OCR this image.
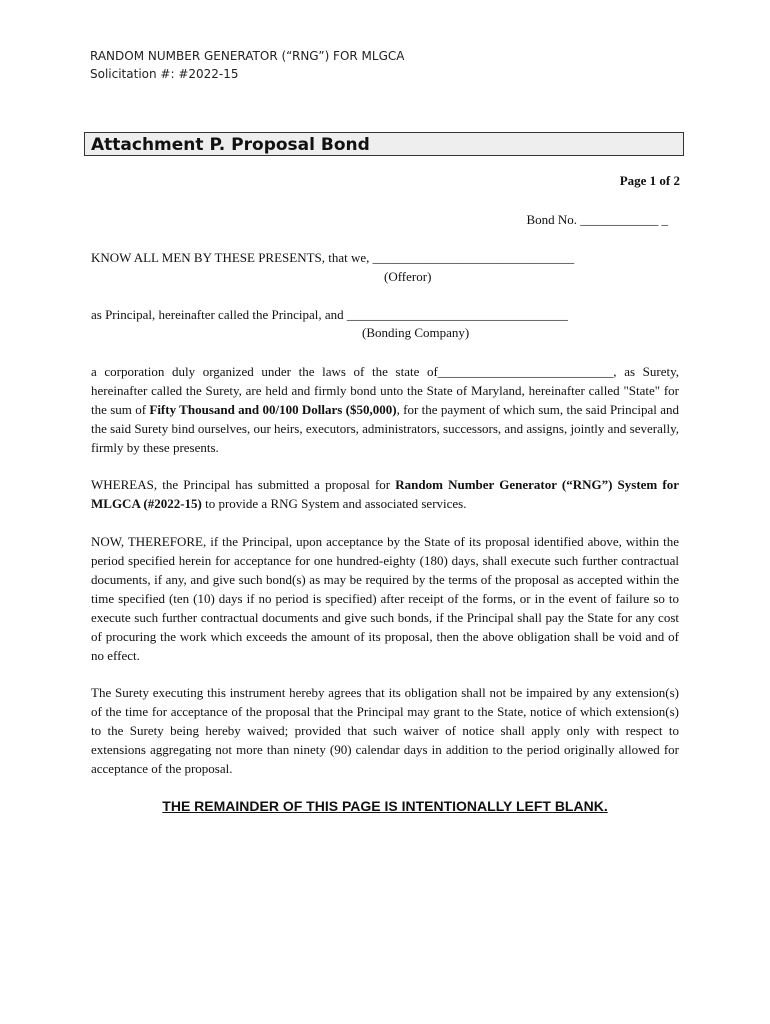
RANDOM NUMBER GENERATOR (“RNG”) FOR MLGCA
Solicitation #: #2022-15
Attachment P. Proposal Bond
Page 1 of 2
Bond No. ____________ _
KNOW ALL MEN BY THESE PRESENTS, that we, _______________________________
(Offeror)
as Principal, hereinafter called the Principal, and __________________________________
(Bonding Company)
a corporation duly organized under the laws of the state of___________________________, as Surety, hereinafter called the Surety, are held and firmly bond unto the State of Maryland, hereinafter called "State" for the sum of Fifty Thousand and 00/100 Dollars ($50,000), for the payment of which sum, the said Principal and the said Surety bind ourselves, our heirs, executors, administrators, successors, and assigns, jointly and severally, firmly by these presents.
WHEREAS, the Principal has submitted a proposal for Random Number Generator (“RNG”) System for MLGCA (#2022-15) to provide a RNG System and associated services.
NOW, THEREFORE, if the Principal, upon acceptance by the State of its proposal identified above, within the period specified herein for acceptance for one hundred-eighty (180) days, shall execute such further contractual documents, if any, and give such bond(s) as may be required by the terms of the proposal as accepted within the time specified (ten (10) days if no period is specified) after receipt of the forms, or in the event of failure so to execute such further contractual documents and give such bonds, if the Principal shall pay the State for any cost of procuring the work which exceeds the amount of its proposal, then the above obligation shall be void and of no effect.
The Surety executing this instrument hereby agrees that its obligation shall not be impaired by any extension(s) of the time for acceptance of the proposal that the Principal may grant to the State, notice of which extension(s) to the Surety being hereby waived; provided that such waiver of notice shall apply only with respect to extensions aggregating not more than ninety (90) calendar days in addition to the period originally allowed for acceptance of the proposal.
THE REMAINDER OF THIS PAGE IS INTENTIONALLY LEFT BLANK.
